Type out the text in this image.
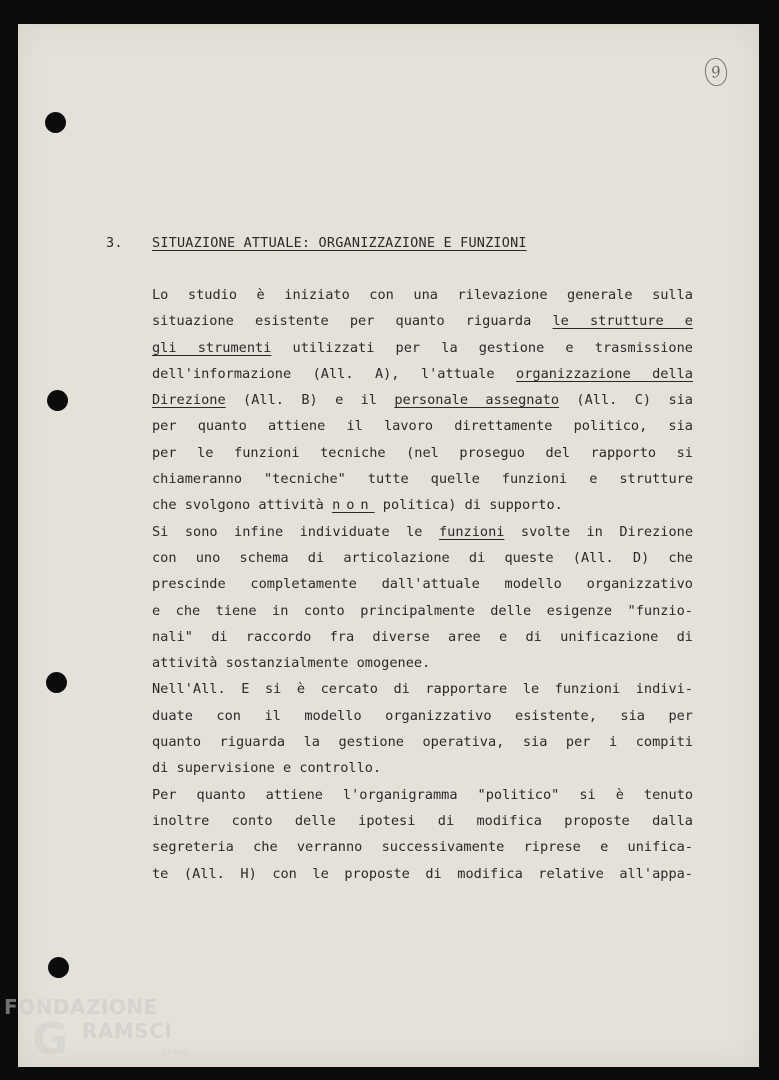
9
3. SITUAZIONE ATTUALE: ORGANIZZAZIONE E FUNZIONI
Lo studio è iniziato con una rilevazione generale sulla
situazione esistente per quanto riguarda le strutture e
gli strumenti utilizzati per la gestione e trasmissione
dell'informazione (All. A), l'attuale organizzazione della
Direzione (All. B) e il personale assegnato (All. C) sia
per quanto attiene il lavoro direttamente politico, sia
per le funzioni tecniche (nel proseguo del rapporto si
chiameranno "tecniche" tutte quelle funzioni e strutture
che svolgono attività non politica) di supporto.
Si sono infine individuate le funzioni svolte in Direzione
con uno schema di articolazione di queste (All. D) che
prescinde completamente dall'attuale modello organizzativo
e che tiene in conto principalmente delle esigenze "funzio-
nali" di raccordo fra diverse aree e di unificazione di
attività sostanzialmente omogenee.
Nell'All. E si è cercato di rapportare le funzioni indivi-
duate con il modello organizzativo esistente, sia per
quanto riguarda la gestione operativa, sia per i compiti
di supervisione e controllo.
Per quanto attiene l'organigramma "politico" si è tenuto
inoltre conto delle ipotesi di modifica proposte dalla
segreteria che verranno successivamente riprese e unifica-
te (All. H) con le proposte di modifica relative all'appa-
FONDAZIONE
G RAMSCI
onlus
